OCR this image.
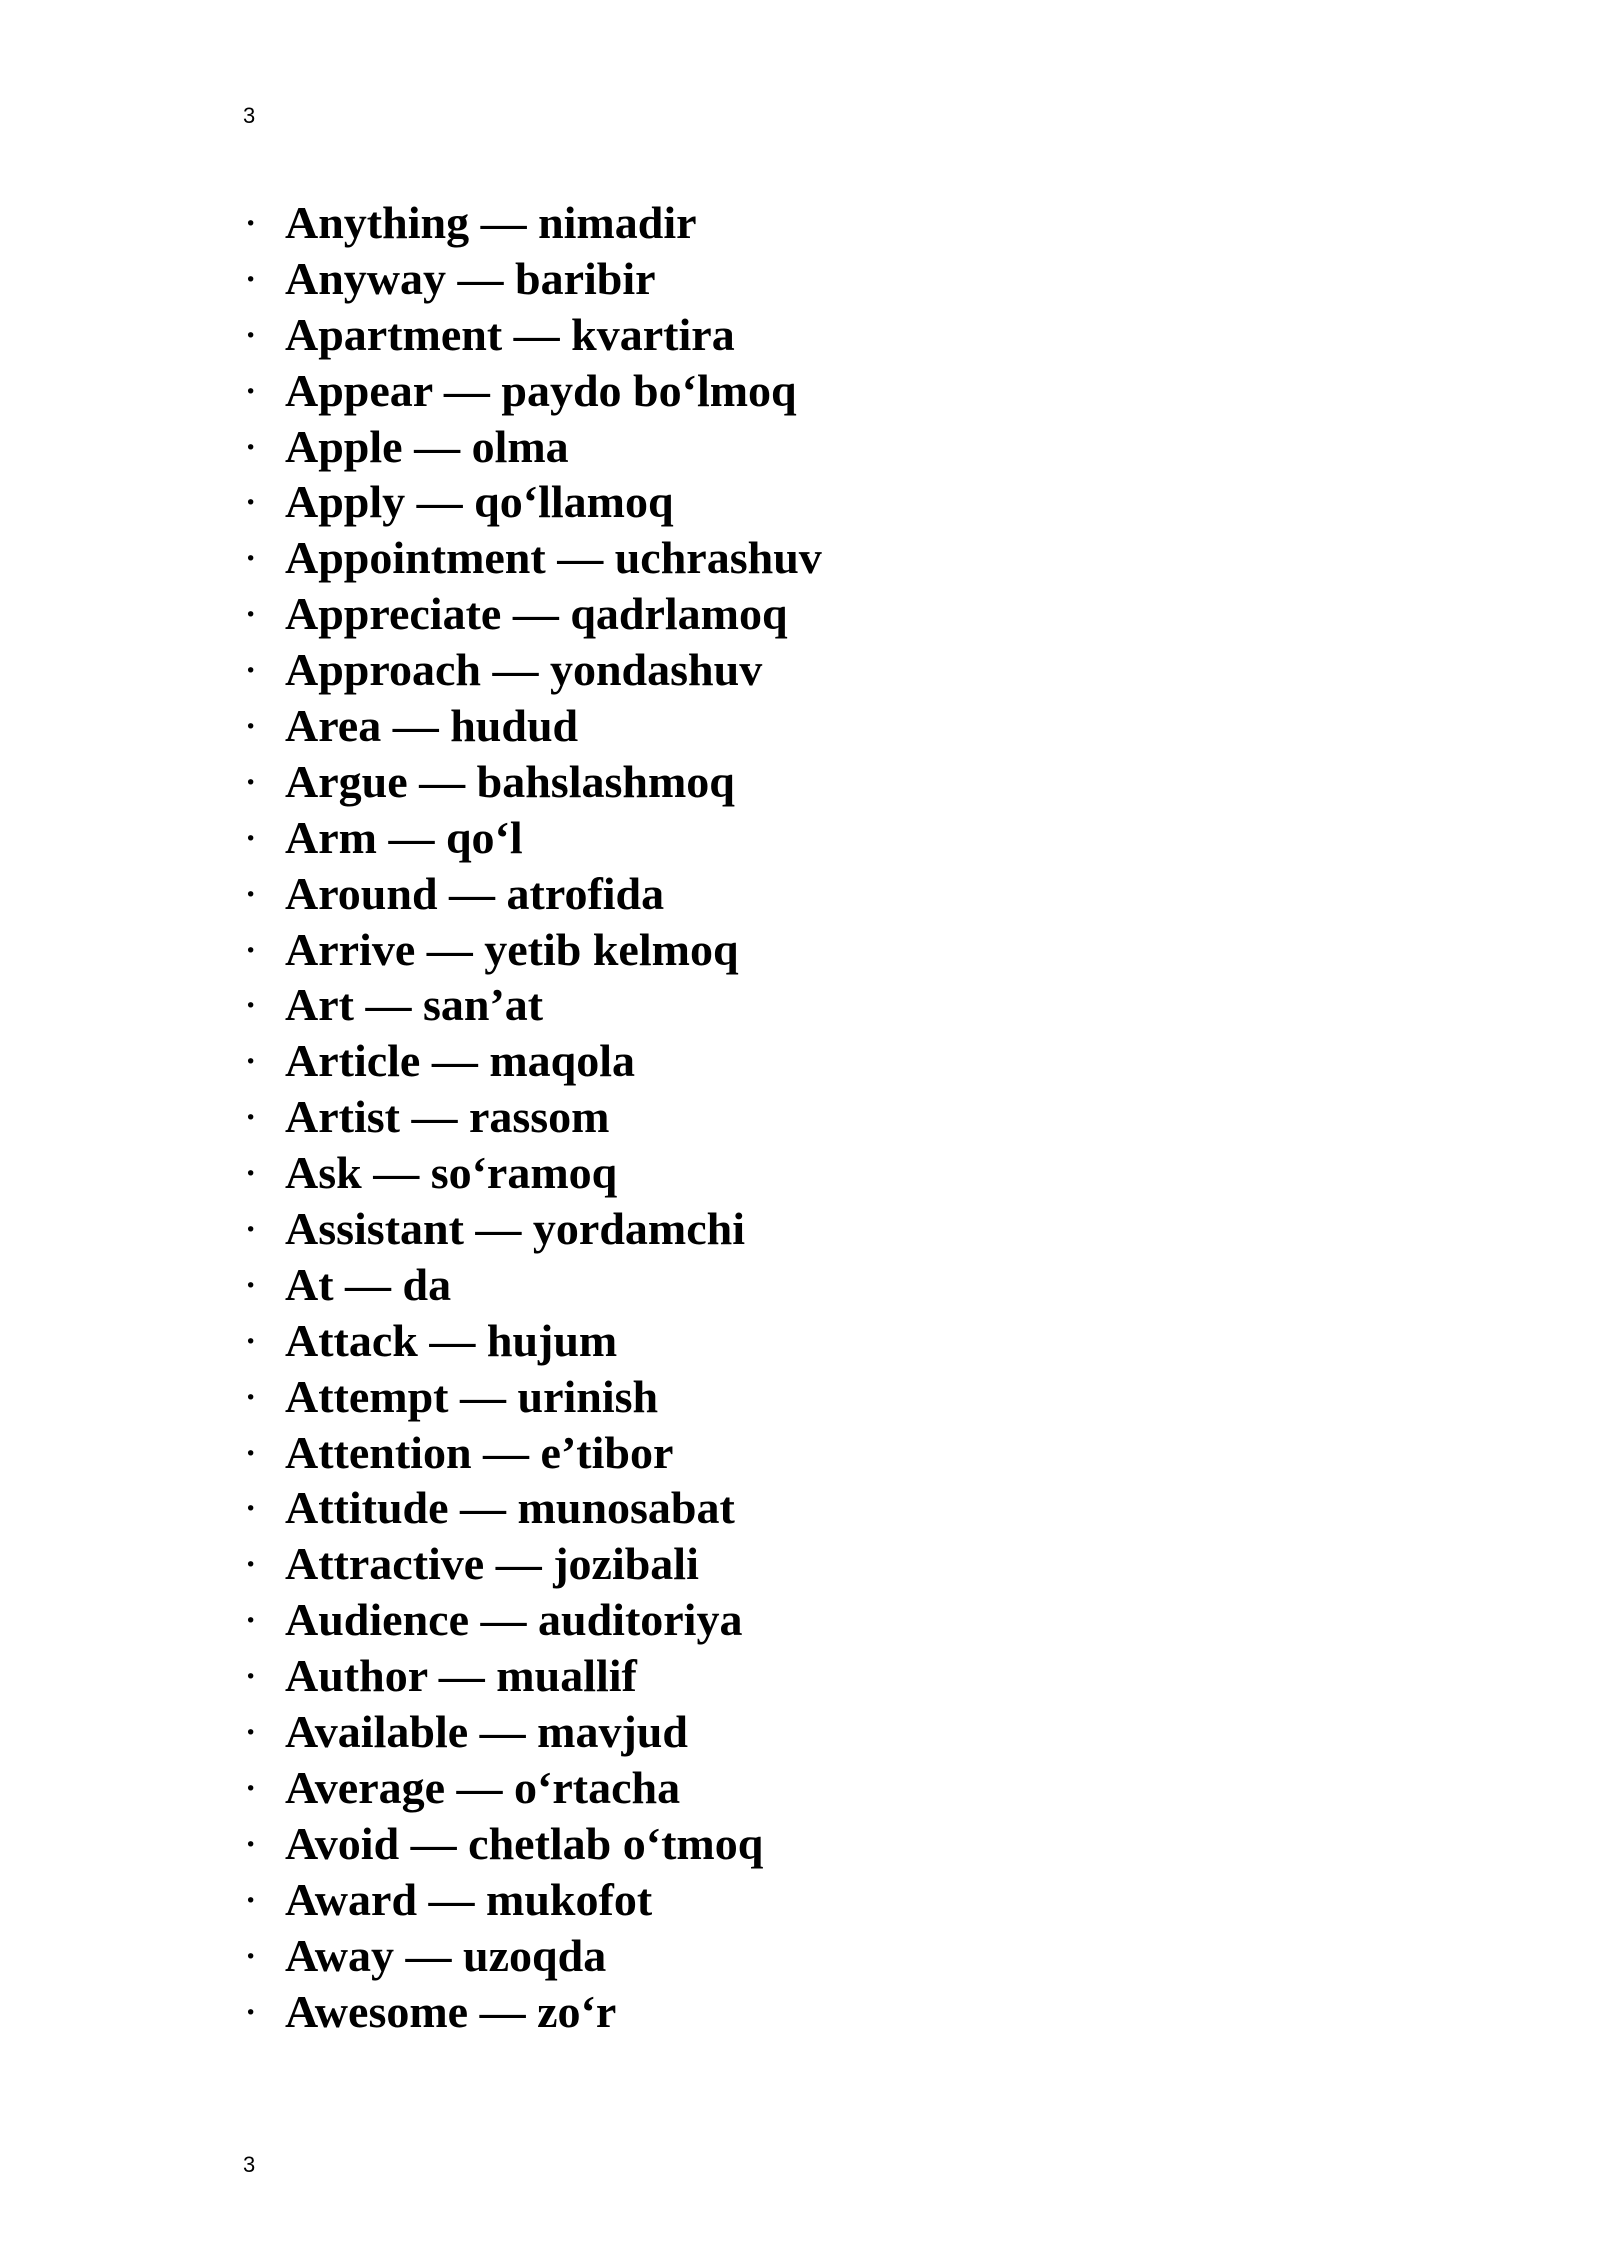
3
· Anything — nimadir
· Anyway — baribir
· Apartment — kvartira
· Appear — paydo bo‘lmoq
· Apple — olma
· Apply — qo‘llamoq
· Appointment — uchrashuv
· Appreciate — qadrlamoq
· Approach — yondashuv
· Area — hudud
· Argue — bahslashmoq
· Arm — qo‘l
· Around — atrofida
· Arrive — yetib kelmoq
· Art — san’at
· Article — maqola
· Artist — rassom
· Ask — so‘ramoq
· Assistant — yordamchi
· At — da
· Attack — hujum
· Attempt — urinish
· Attention — e’tibor
· Attitude — munosabat
· Attractive — jozibali
· Audience — auditoriya
· Author — muallif
· Available — mavjud
· Average — o‘rtacha
· Avoid — chetlab o‘tmoq
· Award — mukofot
· Away — uzoqda
· Awesome — zo‘r
3
